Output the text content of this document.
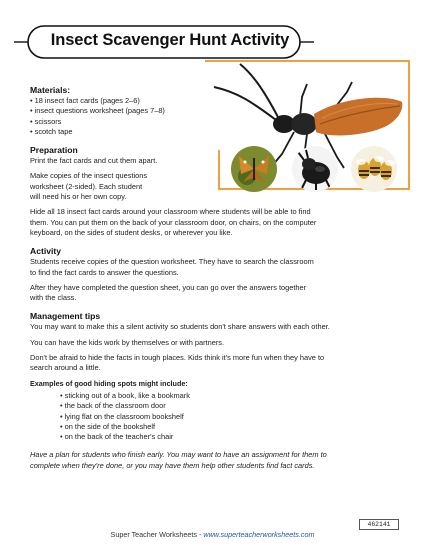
Insect Scavenger Hunt Activity

Materials:

• 18 insect fact cards (pages 2–6)
• insect questions worksheet (pages 7–8)
• scissors
• scotch tape

Preparation

Print the fact cards and cut them apart.

Make copies of the insect questions

worksheet (2-sided). Each student

will need his or her own copy.

Hide all 18 insect fact cards around your classroom where students will be able to find

them. You can put them on the back of your classroom door, on chairs, on the computer

keyboard, on the sides of student desks, or wherever you like.

Activity

Students receive copies of the question worksheet. They have to search the classroom

to find the fact cards to answer the questions.

After they have completed the question sheet, you can go over the answers together

with the class.

Management tips

You may want to make this a silent activity so students don't share answers with each other.

You can have the kids work by themselves or with partners.

Don't be afraid to hide the facts in tough places. Kids think it's more fun when they have to

search around a little.

Examples of good hiding spots might include:

• sticking out of a book, like a bookmark
• the back of the classroom door
• lying flat on the classroom bookshelf
• on the side of the bookshelf
• on the back of the teacher's chair

Have a plan for students who finish early. You may want to have an assignment for them to

complete when they're done, or you may have them help other students find fact cards.

462141
Super Teacher Worksheets - www.superteacherworksheets.com
